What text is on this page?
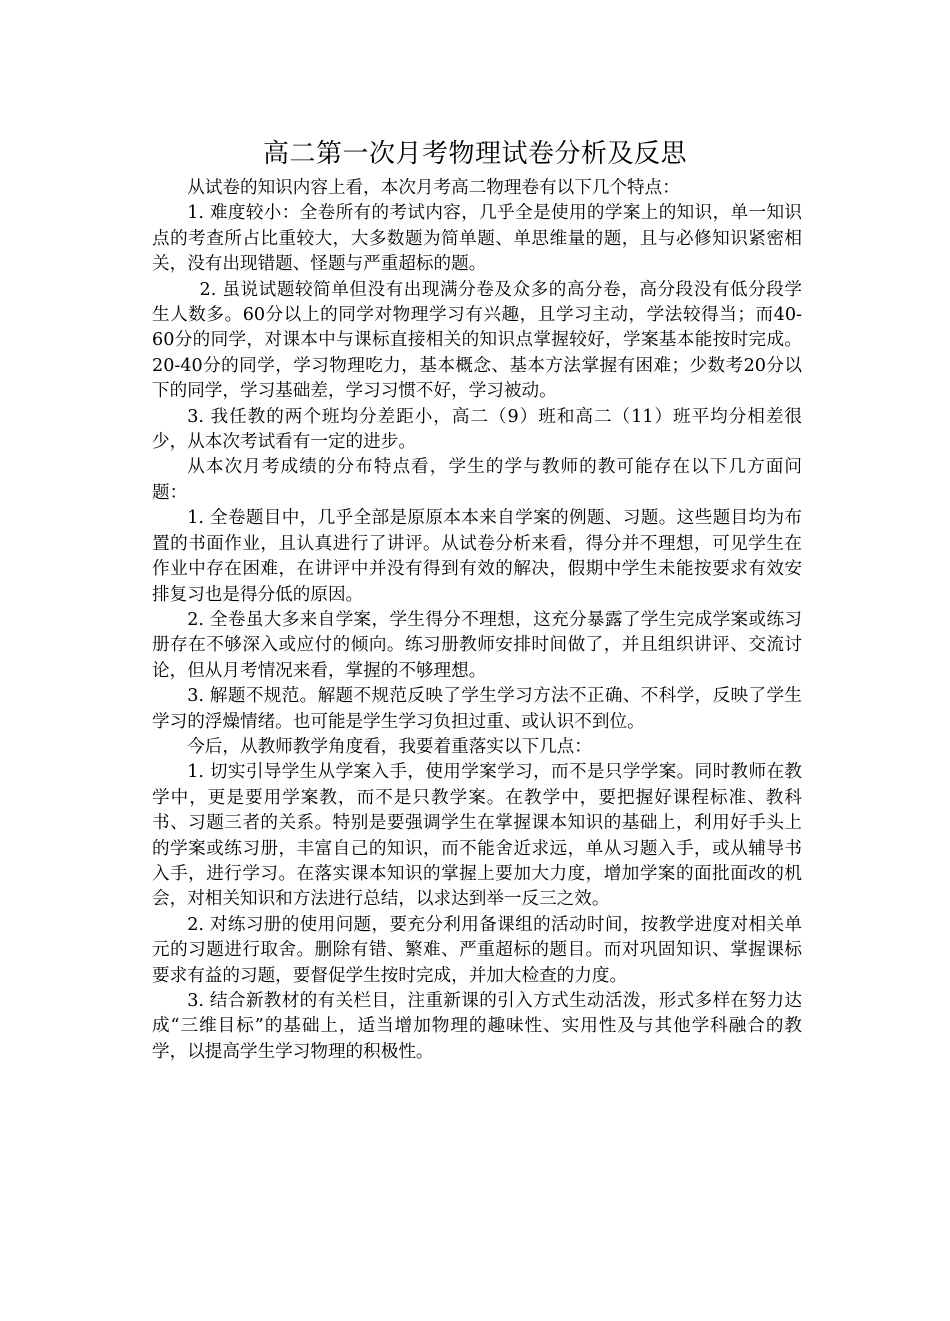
高二第一次月考物理试卷分析及反思

从试卷的知识内容上看，本次月考高二物理卷有以下几个特点：

1. 难度较小：全卷所有的考试内容，几乎全是使用的学案上的知识，单一知识点的考查所占比重较大，大多数题为简单题、单思维量的题，且与必修知识紧密相关，没有出现错题、怪题与严重超标的题。

2. 虽说试题较简单但没有出现满分卷及众多的高分卷，高分段没有低分段学生人数多。60分以上的同学对物理学习有兴趣，且学习主动，学法较得当；而40-60分的同学，对课本中与课标直接相关的知识点掌握较好，学案基本能按时完成。20-40分的同学，学习物理吃力，基本概念、基本方法掌握有困难；少数考20分以下的同学，学习基础差，学习习惯不好，学习被动。

3. 我任教的两个班均分差距小，高二（9）班和高二（11）班平均分相差很少，从本次考试看有一定的进步。

从本次月考成绩的分布特点看，学生的学与教师的教可能存在以下几方面问题：

1. 全卷题目中，几乎全部是原原本本来自学案的例题、习题。这些题目均为布置的书面作业，且认真进行了讲评。从试卷分析来看，得分并不理想，可见学生在作业中存在困难，在讲评中并没有得到有效的解决，假期中学生未能按要求有效安排复习也是得分低的原因。

2. 全卷虽大多来自学案，学生得分不理想，这充分暴露了学生完成学案或练习册存在不够深入或应付的倾向。练习册教师安排时间做了，并且组织讲评、交流讨论，但从月考情况来看，掌握的不够理想。

3. 解题不规范。解题不规范反映了学生学习方法不正确、不科学，反映了学生学习的浮燥情绪。也可能是学生学习负担过重、或认识不到位。

今后，从教师教学角度看，我要着重落实以下几点：

1. 切实引导学生从学案入手，使用学案学习，而不是只学学案。同时教师在教学中，更是要用学案教，而不是只教学案。在教学中，要把握好课程标准、教科书、习题三者的关系。特别是要强调学生在掌握课本知识的基础上，利用好手头上的学案或练习册，丰富自己的知识，而不能舍近求远，单从习题入手，或从辅导书入手，进行学习。在落实课本知识的掌握上要加大力度，增加学案的面批面改的机会，对相关知识和方法进行总结，以求达到举一反三之效。

2. 对练习册的使用问题，要充分利用备课组的活动时间，按教学进度对相关单元的习题进行取舍。删除有错、繁难、严重超标的题目。而对巩固知识、掌握课标要求有益的习题，要督促学生按时完成，并加大检查的力度。

3. 结合新教材的有关栏目，注重新课的引入方式生动活泼，形式多样在努力达成“三维目标”的基础上，适当增加物理的趣味性、实用性及与其他学科融合的教学，以提高学生学习物理的积极性。
